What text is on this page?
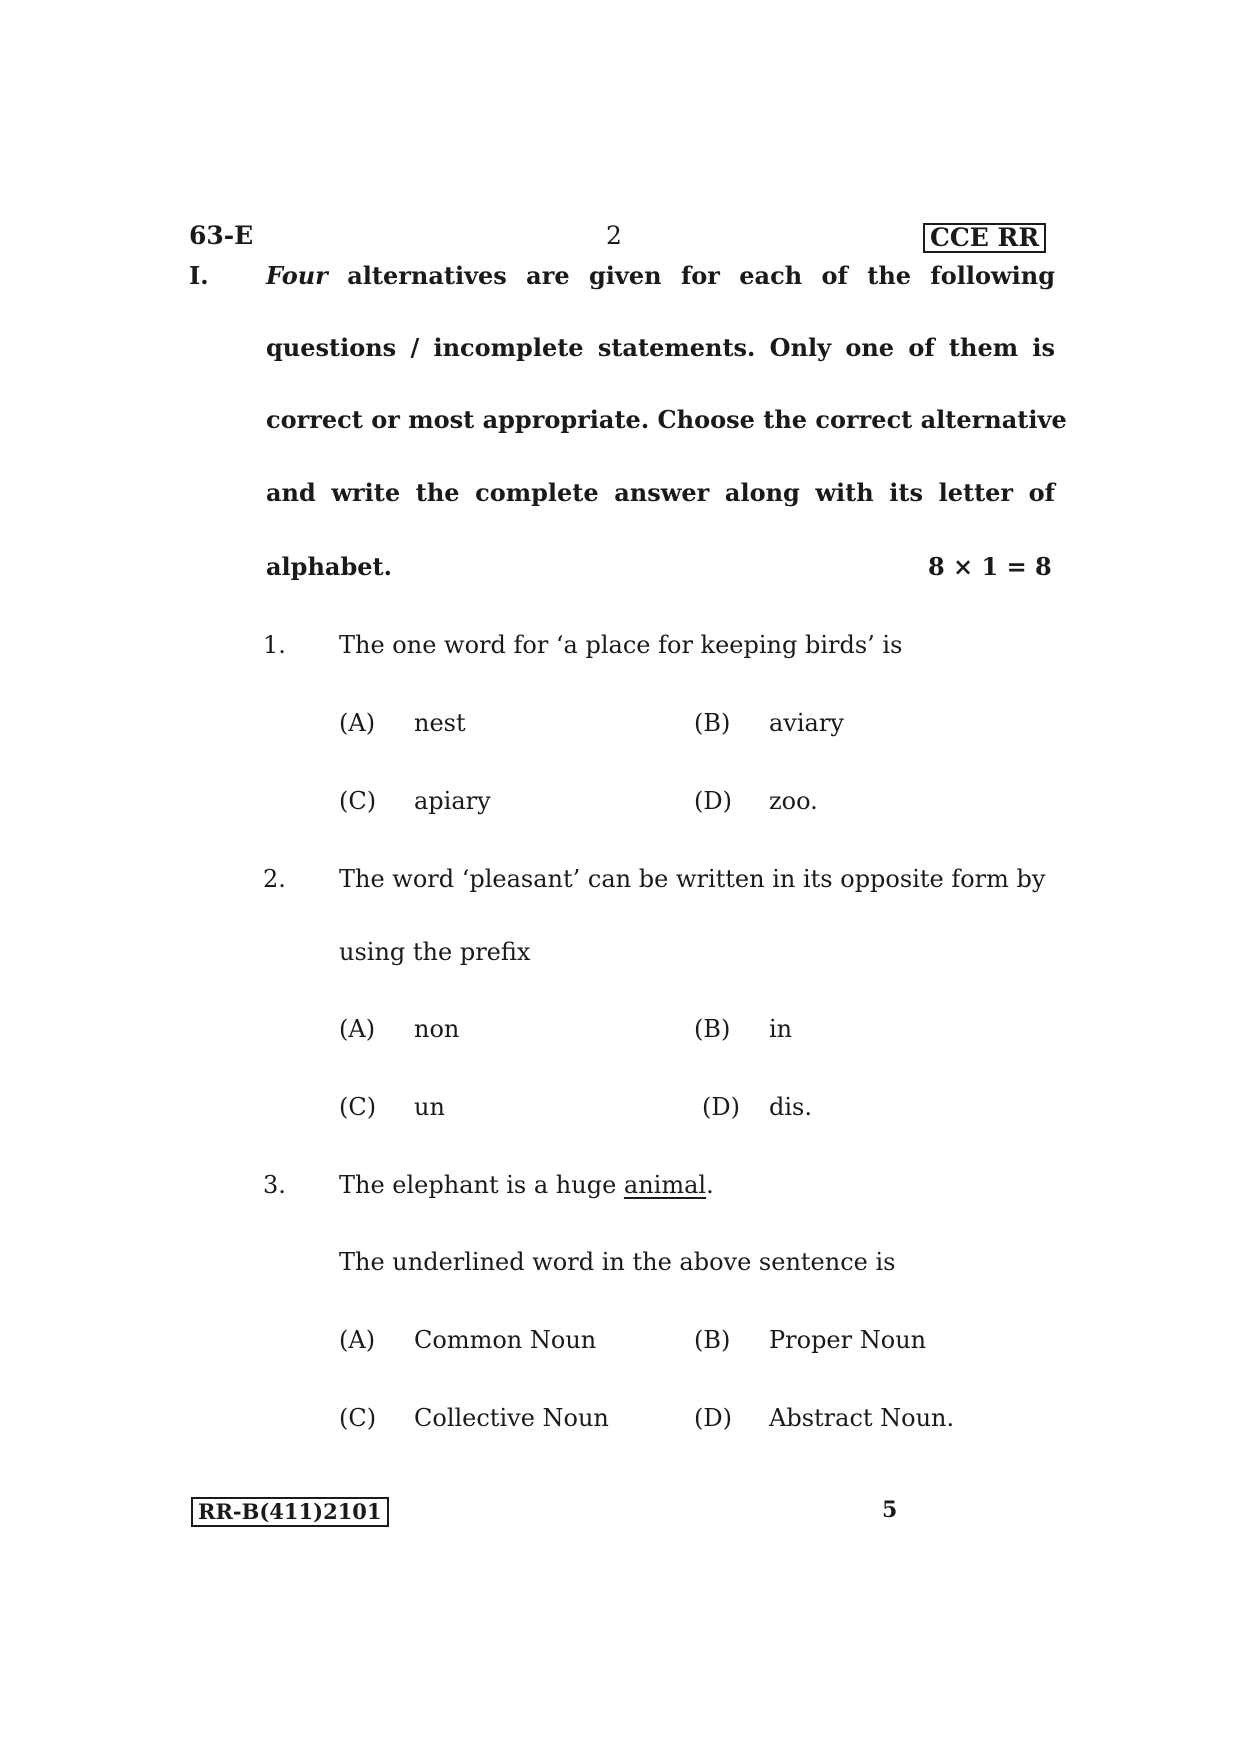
63-E	2	CCE RR
I. Four alternatives are given for each of the following
questions / incomplete statements. Only one of them is
correct or most appropriate. Choose the correct alternative
and write the complete answer along with its letter of
alphabet.	8 × 1 = 8
1. The one word for ‘a place for keeping birds’ is
(A) nest	(B) aviary
(C) apiary	(D) zoo.
2. The word ‘pleasant’ can be written in its opposite form by
using the prefix
(A) non	(B) in
(C) un	(D) dis.
3. The elephant is a huge animal.
The underlined word in the above sentence is
(A) Common Noun	(B) Proper Noun
(C) Collective Noun	(D) Abstract Noun.
RR-B(411)2101	5
